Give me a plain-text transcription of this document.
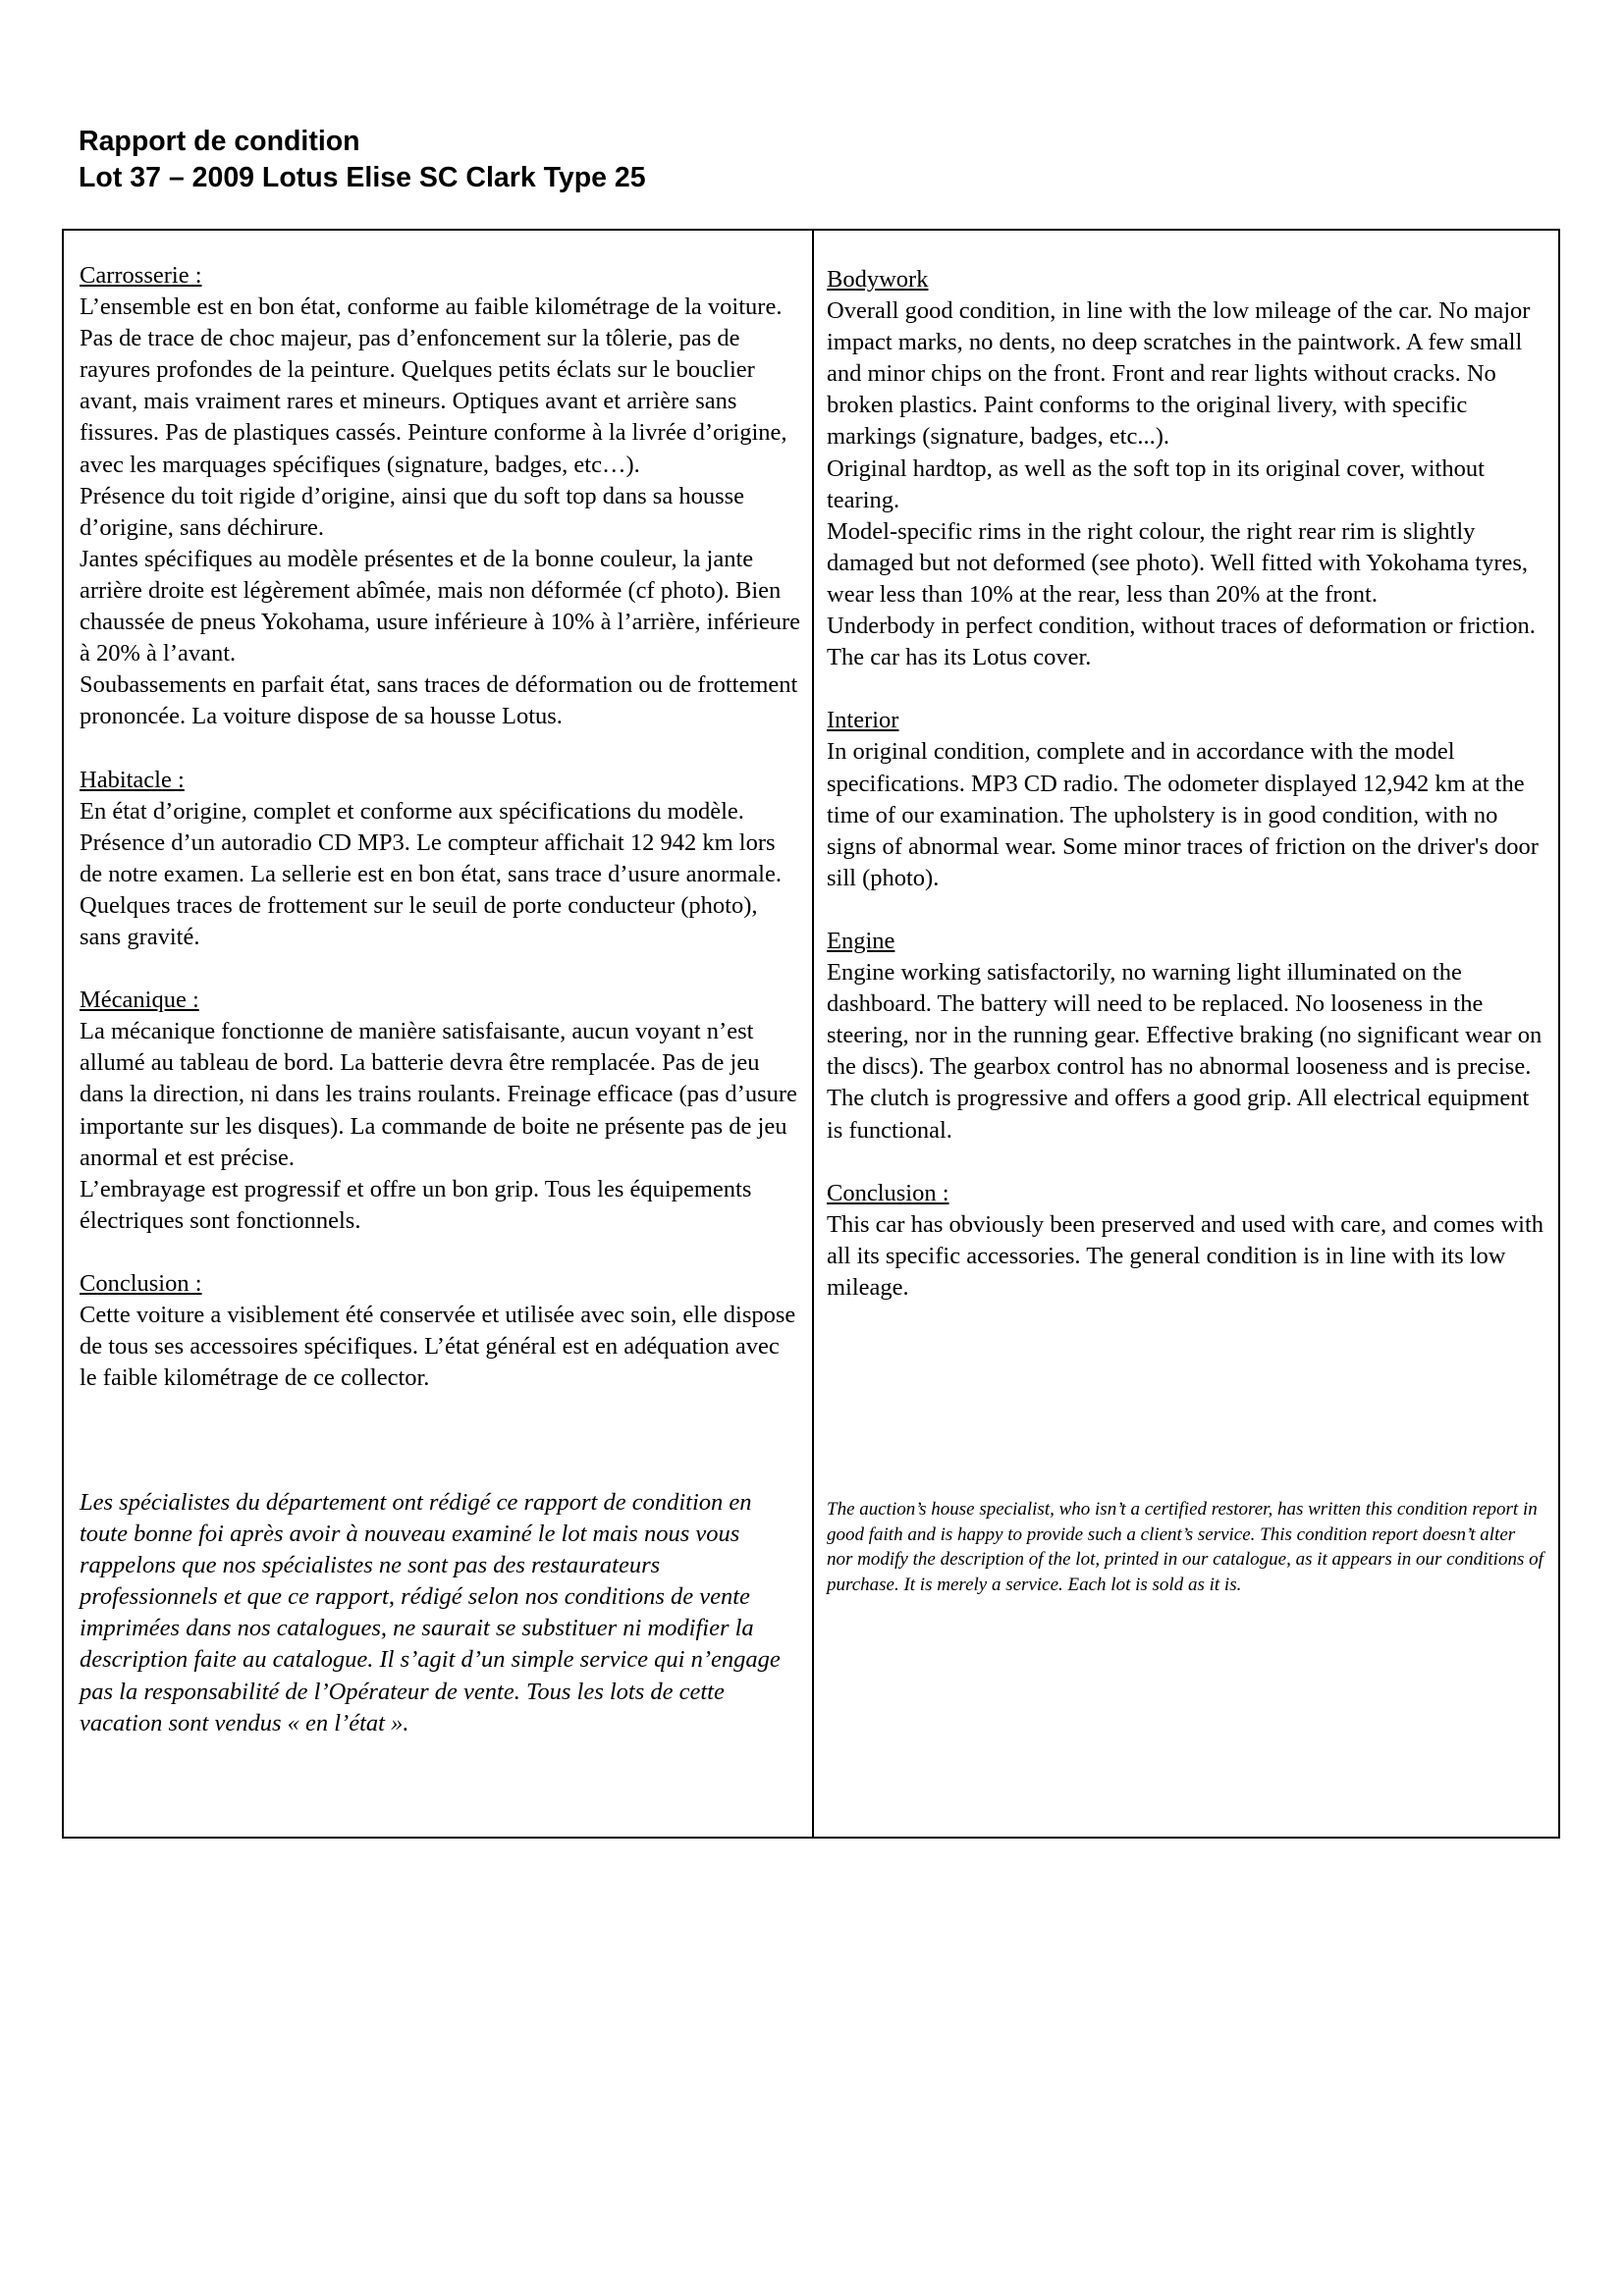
Rapport de condition
Lot 37 – 2009 Lotus Elise SC Clark Type 25
Carrosserie :

L’ensemble est en bon état, conforme au faible kilométrage de la voiture. Pas de trace de choc majeur, pas d’enfoncement sur la tôlerie, pas de rayures profondes de la peinture. Quelques petits éclats sur le bouclier avant, mais vraiment rares et mineurs. Optiques avant et arrière sans fissures. Pas de plastiques cassés. Peinture conforme à la livrée d’origine, avec les marquages spécifiques (signature, badges, etc…).

Présence du toit rigide d’origine, ainsi que du soft top dans sa housse d’origine, sans déchirure.

Jantes spécifiques au modèle présentes et de la bonne couleur, la jante arrière droite est légèrement abîmée, mais non déformée (cf photo). Bien chaussée de pneus Yokohama, usure inférieure à 10% à l’arrière, inférieure à 20% à l’avant.

Soubassements en parfait état, sans traces de déformation ou de frottement prononcée. La voiture dispose de sa housse Lotus.

Habitacle :

En état d’origine, complet et conforme aux spécifications du modèle. Présence d’un autoradio CD MP3. Le compteur affichait 12 942 km lors de notre examen. La sellerie est en bon état, sans trace d’usure anormale. Quelques traces de frottement sur le seuil de porte conducteur (photo), sans gravité.

Mécanique :

La mécanique fonctionne de manière satisfaisante, aucun voyant n’est allumé au tableau de bord. La batterie devra être remplacée. Pas de jeu dans la direction, ni dans les trains roulants. Freinage efficace (pas d’usure importante sur les disques). La commande de boite ne présente pas de jeu anormal et est précise.

L’embrayage est progressif et offre un bon grip. Tous les équipements électriques sont fonctionnels.

Conclusion :

Cette voiture a visiblement été conservée et utilisée avec soin, elle dispose de tous ses accessoires spécifiques. L’état général est en adéquation avec le faible kilométrage de ce collector.

Les spécialistes du département ont rédigé ce rapport de condition en toute bonne foi après avoir à nouveau examiné le lot mais nous vous rappelons que nos spécialistes ne sont pas des restaurateurs professionnels et que ce rapport, rédigé selon nos conditions de vente imprimées dans nos catalogues, ne saurait se substituer ni modifier la description faite au catalogue. Il s’agit d’un simple service qui n’engage pas la responsabilité de l’Opérateur de vente. Tous les lots de cette vacation sont vendus « en l’état ».

Bodywork

Overall good condition, in line with the low mileage of the car. No major impact marks, no dents, no deep scratches in the paintwork. A few small and minor chips on the front. Front and rear lights without cracks. No broken plastics. Paint conforms to the original livery, with specific markings (signature, badges, etc...).

Original hardtop, as well as the soft top in its original cover, without tearing.

Model-specific rims in the right colour, the right rear rim is slightly damaged but not deformed (see photo). Well fitted with Yokohama tyres, wear less than 10% at the rear, less than 20% at the front.

Underbody in perfect condition, without traces of deformation or friction. The car has its Lotus cover.

Interior

In original condition, complete and in accordance with the model specifications. MP3 CD radio. The odometer displayed 12,942 km at the time of our examination. The upholstery is in good condition, with no signs of abnormal wear. Some minor traces of friction on the driver's door sill (photo).

Engine

Engine working satisfactorily, no warning light illuminated on the dashboard. The battery will need to be replaced. No looseness in the steering, nor in the running gear. Effective braking (no significant wear on the discs). The gearbox control has no abnormal looseness and is precise. The clutch is progressive and offers a good grip. All electrical equipment is functional.

Conclusion :

This car has obviously been preserved and used with care, and comes with all its specific accessories. The general condition is in line with its low mileage.

The auction’s house specialist, who isn’t a certified restorer, has written this condition report in good faith and is happy to provide such a client’s service. This condition report doesn’t alter nor modify the description of the lot, printed in our catalogue, as it appears in our conditions of purchase. It is merely a service. Each lot is sold as it is.
